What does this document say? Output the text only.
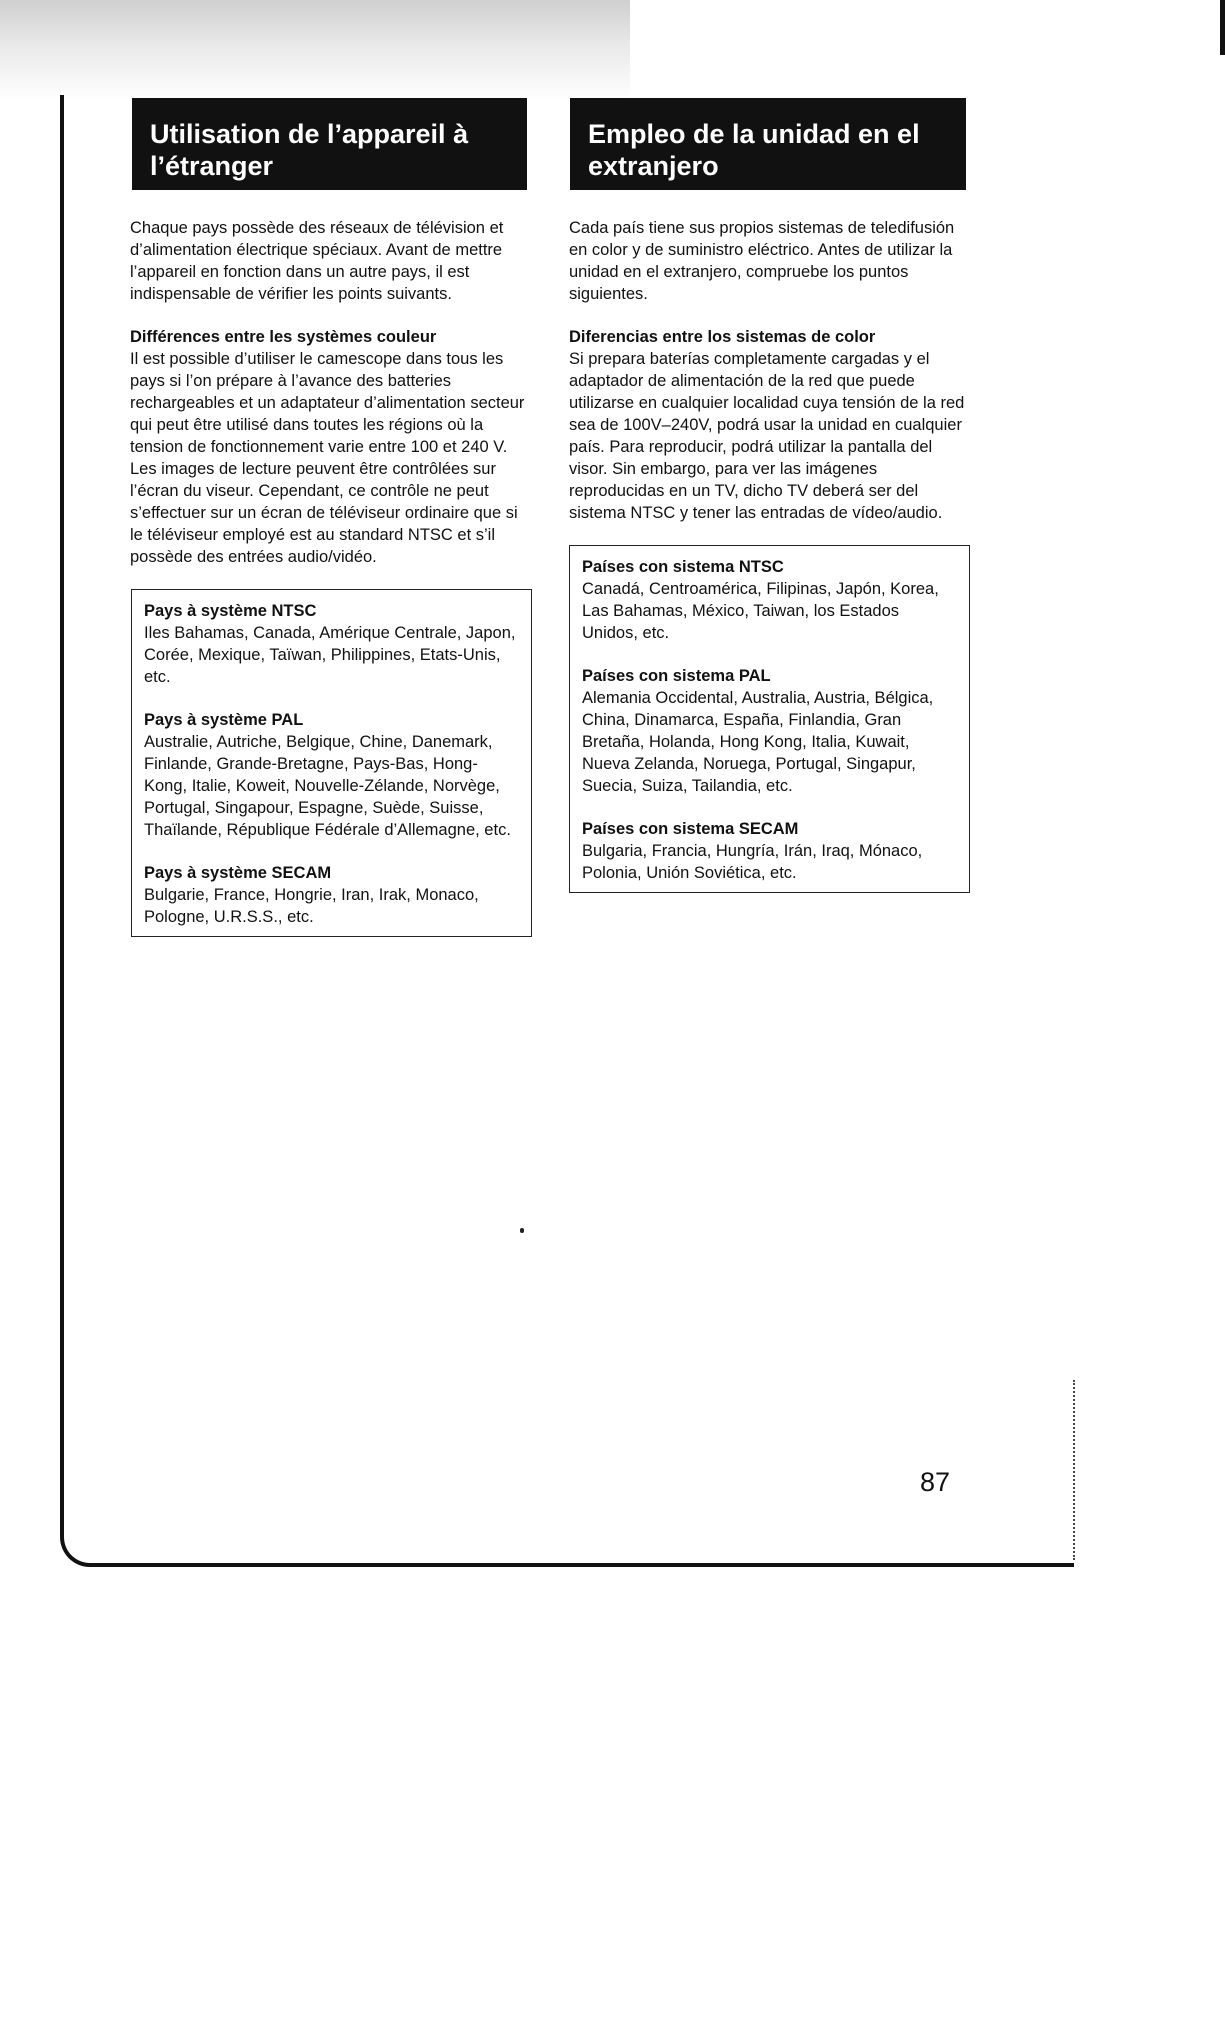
Utilisation de l’appareil à l’étranger
Empleo de la unidad en el extranjero

Chaque pays possède des réseaux de télévision et d’alimentation électrique spéciaux. Avant de mettre l’appareil en fonction dans un autre pays, il est indispensable de vérifier les points suivants.

Différences entre les systèmes couleur

Il est possible d’utiliser le camescope dans tous les pays si l’on prépare à l’avance des batteries rechargeables et un adaptateur d’alimentation secteur qui peut être utilisé dans toutes les régions où la tension de fonctionnement varie entre 100 et 240 V. Les images de lecture peuvent être contrôlées sur l’écran du viseur. Cependant, ce contrôle ne peut s’effectuer sur un écran de téléviseur ordinaire que si le téléviseur employé est au standard NTSC et s’il possède des entrées audio/vidéo.

Pays à système NTSC

Iles Bahamas, Canada, Amérique Centrale, Japon, Corée, Mexique, Taïwan, Philippines, Etats-Unis, etc.

Pays à système PAL

Australie, Autriche, Belgique, Chine, Danemark, Finlande, Grande-Bretagne, Pays-Bas, Hong-Kong, Italie, Koweit, Nouvelle-Zélande, Norvège, Portugal, Singapour, Espagne, Suède, Suisse, Thaïlande, République Fédérale d’Allemagne, etc.

Pays à système SECAM

Bulgarie, France, Hongrie, Iran, Irak, Monaco, Pologne, U.R.S.S., etc.

Cada país tiene sus propios sistemas de teledifusión en color y de suministro eléctrico. Antes de utilizar la unidad en el extranjero, compruebe los puntos siguientes.

Diferencias entre los sistemas de color

Si prepara baterías completamente cargadas y el adaptador de alimentación de la red que puede utilizarse en cualquier localidad cuya tensión de la red sea de 100V–240V, podrá usar la unidad en cualquier país. Para reproducir, podrá utilizar la pantalla del visor. Sin embargo, para ver las imágenes reproducidas en un TV, dicho TV deberá ser del sistema NTSC y tener las entradas de vídeo/audio.

Países con sistema NTSC

Canadá, Centroamérica, Filipinas, Japón, Korea, Las Bahamas, México, Taiwan, los Estados Unidos, etc.

Países con sistema PAL

Alemania Occidental, Australia, Austria, Bélgica, China, Dinamarca, España, Finlandia, Gran Bretaña, Holanda, Hong Kong, Italia, Kuwait, Nueva Zelanda, Noruega, Portugal, Singapur, Suecia, Suiza, Tailandia, etc.

Países con sistema SECAM

Bulgaria, Francia, Hungría, Irán, Iraq, Mónaco, Polonia, Unión Soviética, etc.

87
